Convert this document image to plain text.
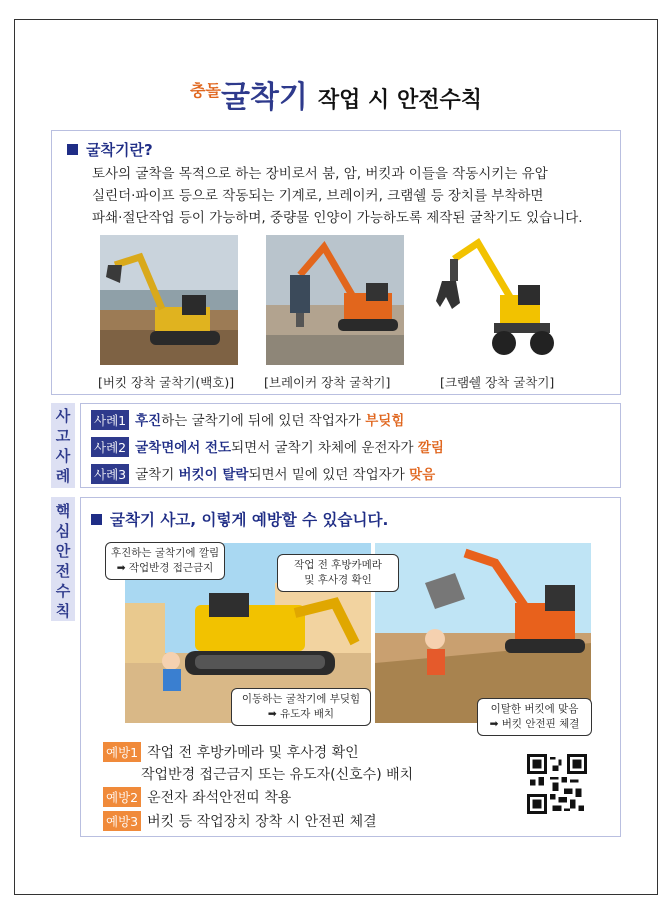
충돌굴착기 작업 시 안전수칙
굴착기란?
토사의 굴착을 목적으로 하는 장비로서 붐, 암, 버킷과 이들을 작동시키는 유압
실린더·파이프 등으로 작동되는 기계로, 브레이커, 크램쉘 등 장치를 부착하면
파쇄·절단작업 등이 가능하며, 중량물 인양이 가능하도록 제작된 굴착기도 있습니다.
[버킷 장착 굴착기(백호)] [브레이커 장착 굴착기]	[크램쉘 장착 굴착기]
사
고
사
례
사례1 후진하는 굴착기에 뒤에 있던 작업자가 부딪힘
사례2 굴착면에서 전도되면서 굴착기 차체에 운전자가 깔림
사례3 굴착기 버킷이 탈락되면서 밑에 있던 작업자가 맞음
핵
심
안
전
수
칙
굴착기 사고, 이렇게 예방할 수 있습니다.
후진하는 굴착기에 깔림
➡ 작업반경 접근금지	작업 전 후방카메라
및 후사경 확인
이동하는 굴착기에 부딪힘
➡ 유도자 배치	이탈한 버킷에 맞음
➡ 버킷 안전핀 체결
예방1 작업 전 후방카메라 및 후사경 확인
작업반경 접근금지 또는 유도자(신호수) 배치
예방2 운전자 좌석안전띠 착용
예방3 버킷 등 작업장치 장착 시 안전핀 체결
